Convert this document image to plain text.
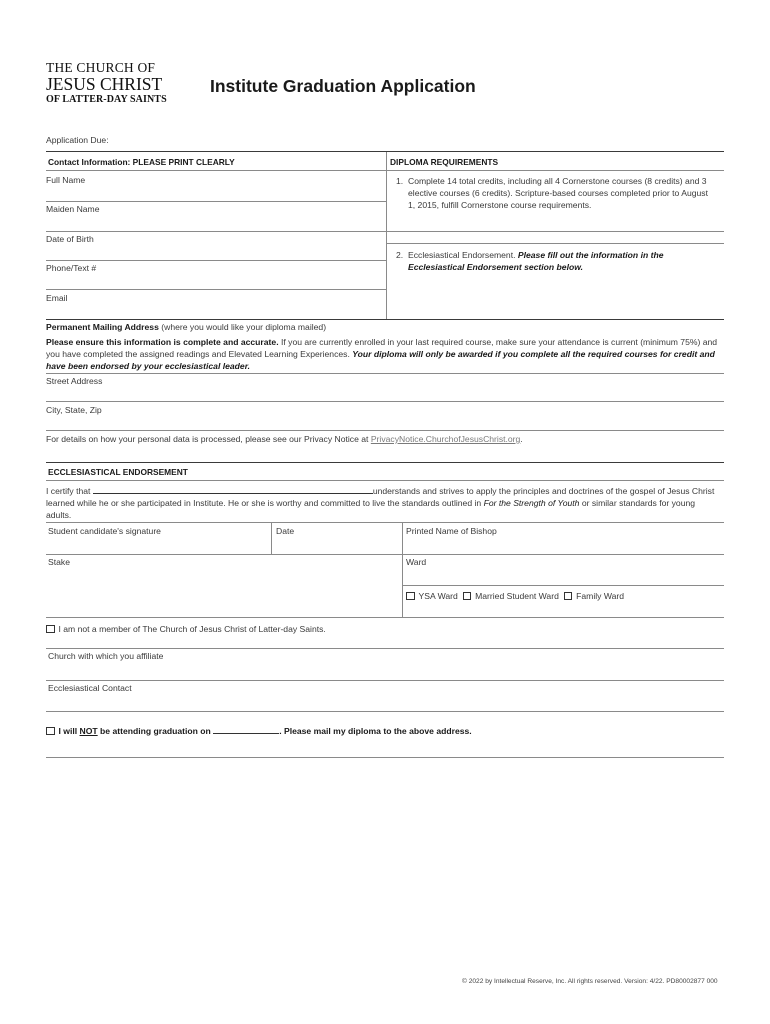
THE CHURCH OF
JESUS CHRIST
OF LATTER-DAY SAINTS
Institute Graduation Application
Application Due:
Contact Information: PLEASE PRINT CLEARLY
Full Name
Maiden Name
Date of Birth
Phone/Text #
Email
DIPLOMA REQUIREMENTS
1. Complete 14 total credits, including all 4 Cornerstone courses (8 credits) and 3 elective courses (6 credits). Scripture-based courses completed prior to August 1, 2015, fulfill Cornerstone course requirements.
2. Ecclesiastical Endorsement. Please fill out the information in the Ecclesiastical Endorsement section below.
Permanent Mailing Address (where you would like your diploma mailed)
Please ensure this information is complete and accurate. If you are currently enrolled in your last required course, make sure your attendance is current (minimum 75%) and you have completed the assigned readings and Elevated Learning Experiences. Your diploma will only be awarded if you complete all the required courses for credit and have been endorsed by your ecclesiastical leader.
Street Address
City, State, Zip
For details on how your personal data is processed, please see our Privacy Notice at PrivacyNotice.ChurchofJesusChrist.org.
ECCLESIASTICAL ENDORSEMENT
I certify that	understands and strives to apply the principles and doctrines of the gospel of Jesus Christ learned while he or she participated in Institute. He or she is worthy and committed to live the standards outlined in For the Strength of Youth or similar standards for young adults.
Student candidate's signature	Date	Printed Name of Bishop
Stake	Ward
YSA Ward Married Student Ward Family Ward
I am not a member of The Church of Jesus Christ of Latter-day Saints.
Church with which you affiliate
Ecclesiastical Contact
I will NOT be attending graduation on	. Please mail my diploma to the above address.
© 2022 by Intellectual Reserve, Inc. All rights reserved. Version: 4/22. PD80002877 000
